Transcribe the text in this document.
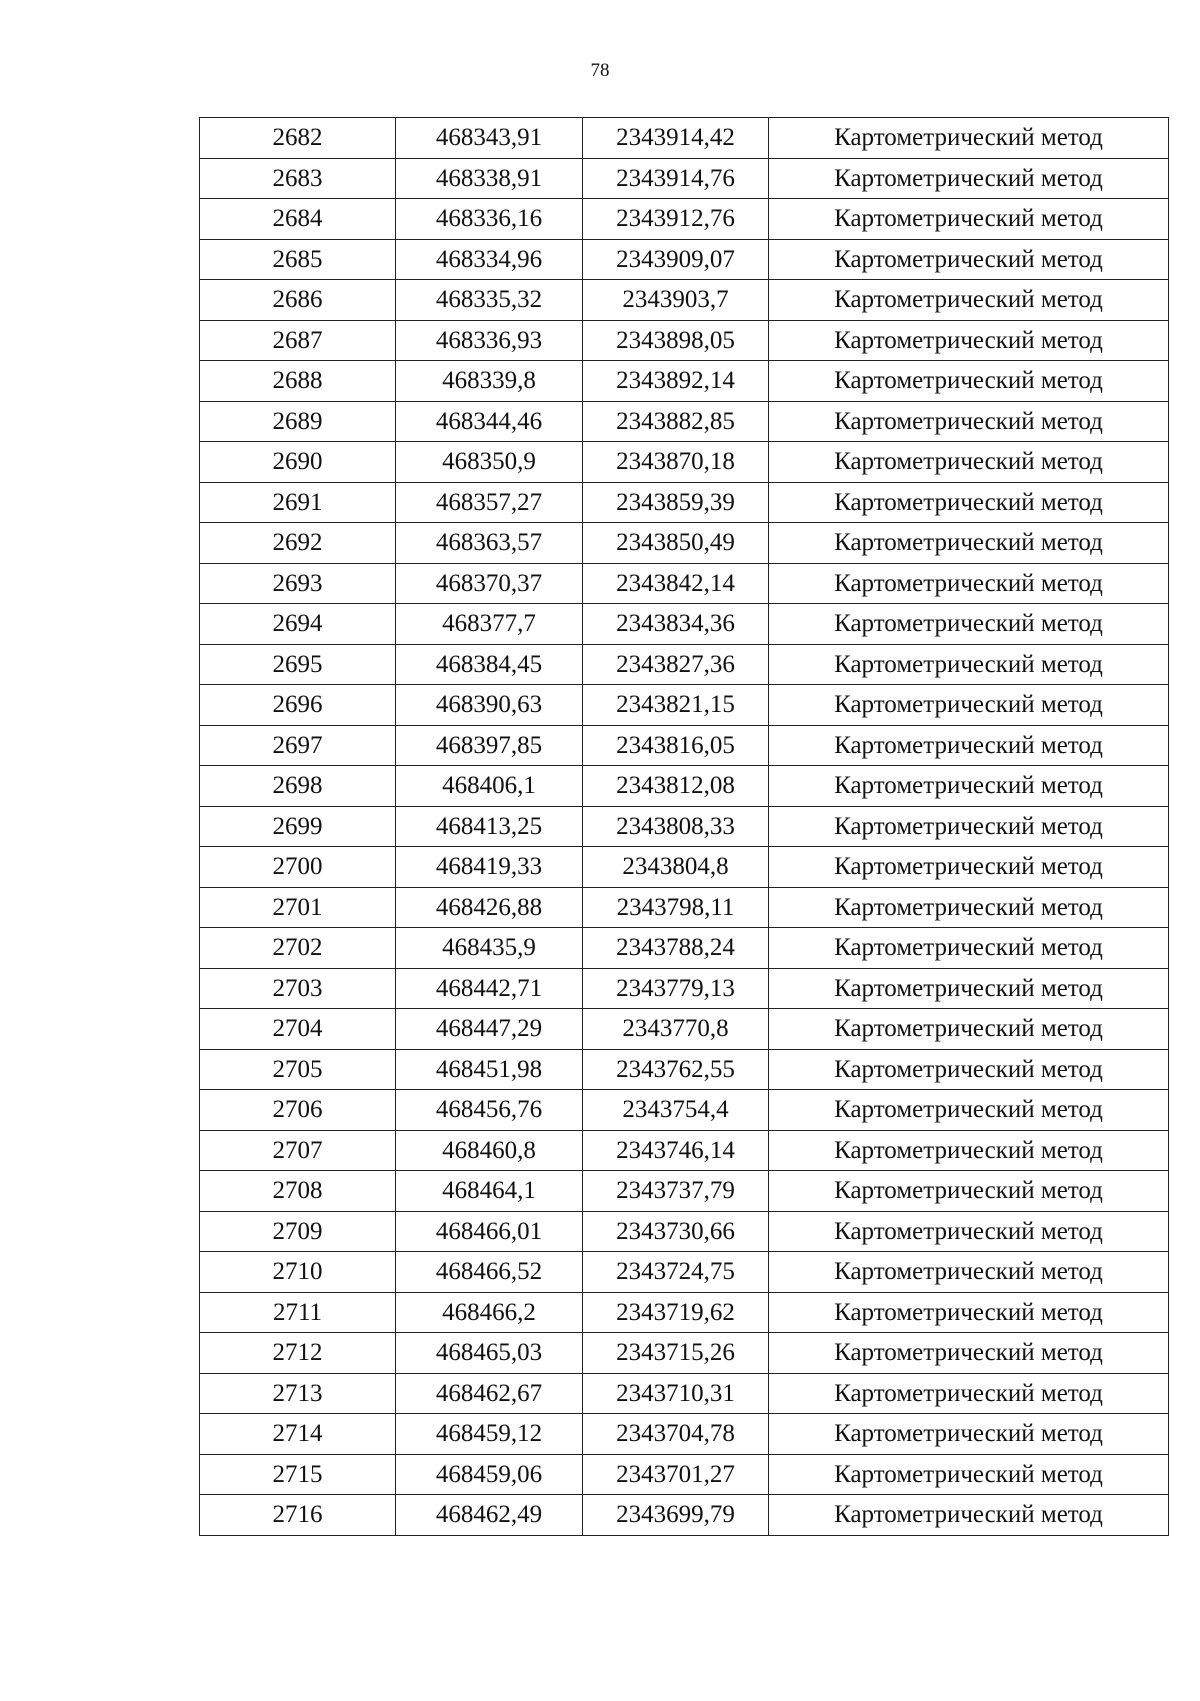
78
2682	468343,91	2343914,42	Картометрический метод
2683	468338,91	2343914,76	Картометрический метод
2684	468336,16	2343912,76	Картометрический метод
2685	468334,96	2343909,07	Картометрический метод
2686	468335,32	2343903,7	Картометрический метод
2687	468336,93	2343898,05	Картометрический метод
2688	468339,8	2343892,14	Картометрический метод
2689	468344,46	2343882,85	Картометрический метод
2690	468350,9	2343870,18	Картометрический метод
2691	468357,27	2343859,39	Картометрический метод
2692	468363,57	2343850,49	Картометрический метод
2693	468370,37	2343842,14	Картометрический метод
2694	468377,7	2343834,36	Картометрический метод
2695	468384,45	2343827,36	Картометрический метод
2696	468390,63	2343821,15	Картометрический метод
2697	468397,85	2343816,05	Картометрический метод
2698	468406,1	2343812,08	Картометрический метод
2699	468413,25	2343808,33	Картометрический метод
2700	468419,33	2343804,8	Картометрический метод
2701	468426,88	2343798,11	Картометрический метод
2702	468435,9	2343788,24	Картометрический метод
2703	468442,71	2343779,13	Картометрический метод
2704	468447,29	2343770,8	Картометрический метод
2705	468451,98	2343762,55	Картометрический метод
2706	468456,76	2343754,4	Картометрический метод
2707	468460,8	2343746,14	Картометрический метод
2708	468464,1	2343737,79	Картометрический метод
2709	468466,01	2343730,66	Картометрический метод
2710	468466,52	2343724,75	Картометрический метод
2711	468466,2	2343719,62	Картометрический метод
2712	468465,03	2343715,26	Картометрический метод
2713	468462,67	2343710,31	Картометрический метод
2714	468459,12	2343704,78	Картометрический метод
2715	468459,06	2343701,27	Картометрический метод
2716	468462,49	2343699,79	Картометрический метод
